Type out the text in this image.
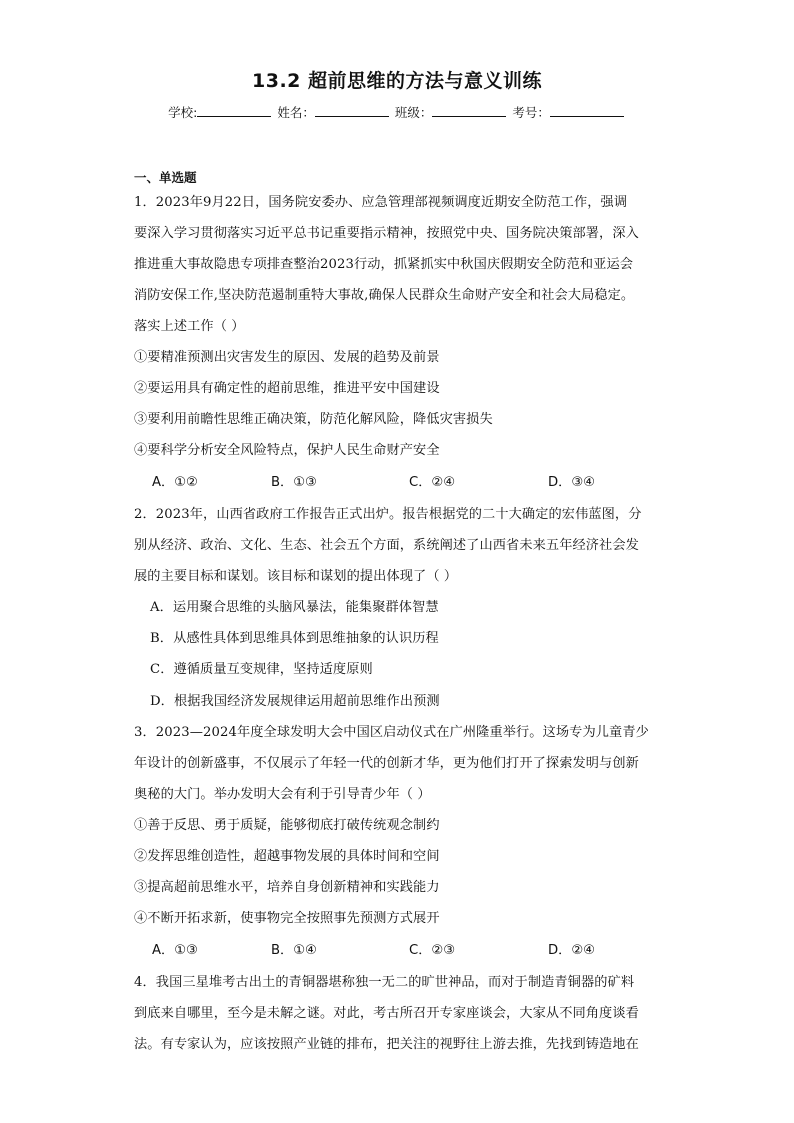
13.2 超前思维的方法与意义训练
学校:	姓名：	班级：	考号：
一、单选题
1．2023年9月22日，国务院安委办、应急管理部视频调度近期安全防范工作，强调
要深入学习贯彻落实习近平总书记重要指示精神，按照党中央、国务院决策部署，深入
推进重大事故隐患专项排查整治2023行动，抓紧抓实中秋国庆假期安全防范和亚运会
消防安保工作,坚决防范遏制重特大事故,确保人民群众生命财产安全和社会大局稳定。
落实上述工作（ ）
①要精准预测出灾害发生的原因、发展的趋势及前景
②要运用具有确定性的超前思维，推进平安中国建设
③要利用前瞻性思维正确决策，防范化解风险，降低灾害损失
④要科学分析安全风险特点，保护人民生命财产安全
A．①②	B．①③	C．②④	D．③④
2．2023年，山西省政府工作报告正式出炉。报告根据党的二十大确定的宏伟蓝图，分
别从经济、政治、文化、生态、社会五个方面，系统阐述了山西省未来五年经济社会发
展的主要目标和谋划。该目标和谋划的提出体现了（ ）
A．运用聚合思维的头脑风暴法，能集聚群体智慧
B．从感性具体到思维具体到思维抽象的认识历程
C．遵循质量互变规律，坚持适度原则
D．根据我国经济发展规律运用超前思维作出预测
3．2023—2024年度全球发明大会中国区启动仪式在广州隆重举行。这场专为儿童青少
年设计的创新盛事，不仅展示了年轻一代的创新才华，更为他们打开了探索发明与创新
奥秘的大门。举办发明大会有利于引导青少年（ ）
①善于反思、勇于质疑，能够彻底打破传统观念制约
②发挥思维创造性，超越事物发展的具体时间和空间
③提高超前思维水平，培养自身创新精神和实践能力
④不断开拓求新，使事物完全按照事先预测方式展开
A．①③	B．①④	C．②③	D．②④
4．我国三星堆考古出土的青铜器堪称独一无二的旷世神品，而对于制造青铜器的矿料
到底来自哪里，至今是未解之谜。对此，考古所召开专家座谈会，大家从不同角度谈看
法。有专家认为，应该按照产业链的排布，把关注的视野往上游去推，先找到铸造地在
